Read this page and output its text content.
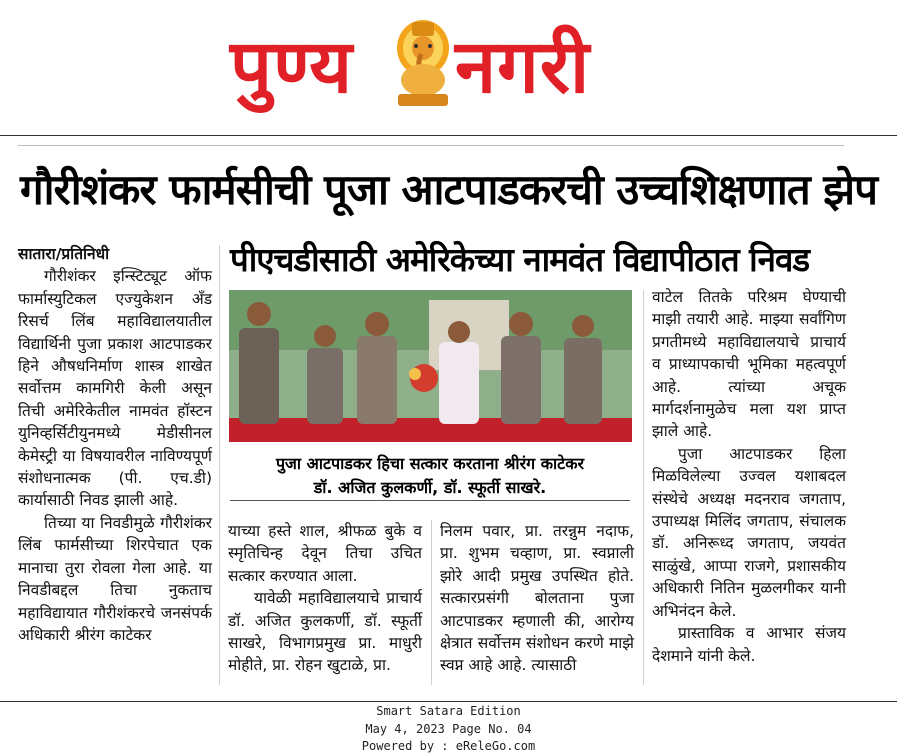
पुण्य नगरी
गौरीशंकर फार्मसीची पूजा आटपाडकरची उच्चशिक्षणात झेप
पीएचडीसाठी अमेरिकेच्या नामवंत विद्यापीठात निवड

सातारा/प्रतिनिधी

गौरीशंकर इन्स्टिट्यूट ऑफ फार्मास्युटिकल एज्युकेशन अँड रिसर्च लिंब महाविद्यालयातील विद्यार्थिनी पुजा प्रकाश आटपाडकर हिने औषधनिर्माण शास्त्र शाखेत सर्वोत्तम कामगिरी केली असून तिची अमेरिकेतील नामवंत हॉस्टन युनिव्हर्सिटीयुनमध्ये मेडीसीनल केमेस्ट्री या विषयावरील नाविण्यपूर्ण संशोधनात्मक (पी. एच.डी) कार्यासाठी निवड झाली आहे.

तिच्या या निवडीमुळे गौरीशंकर लिंब फार्मसीच्या शिरपेचात एक मानाचा तुरा रोवला गेला आहे. या निवडीबद्दल तिचा नुकताच महाविद्यायात गौरीशंकरचे जनसंपर्क अधिकारी श्रीरंग काटेकर

पुजा आटपाडकर हिचा सत्कार करताना श्रीरंग काटेकर
डॉ. अजित कुलकर्णी, डॉ. स्फूर्ती साखरे.

याच्या हस्ते शाल, श्रीफळ बुके व स्मृतिचिन्ह देवून तिचा उचित सत्कार करण्यात आला.

यावेळी महाविद्यालयाचे प्राचार्य डॉ. अजित कुलकर्णी, डॉ. स्फूर्ती साखरे, विभागप्रमुख प्रा. माधुरी मोहीते, प्रा. रोहन खुटाळे, प्रा.

निलम पवार, प्रा. तरन्नुम नदाफ, प्रा. शुभम चव्हाण, प्रा. स्वप्नाली झोरे आदी प्रमुख उपस्थित होते. सत्कारप्रसंगी बोलताना पुजा आटपाडकर म्हणाली की, आरोग्य क्षेत्रात सर्वोत्तम संशोधन करणे माझे स्वप्न आहे आहे. त्यासाठी

वाटेल तितके परिश्रम घेण्याची माझी तयारी आहे. माझ्या सर्वांगिण प्रगतीमध्ये महाविद्यालयाचे प्राचार्य व प्राध्यापकाची भूमिका महत्वपूर्ण आहे. त्यांच्या अचूक मार्गदर्शनामुळेच मला यश प्राप्त झाले आहे.

पुजा आटपाडकर हिला मिळविलेल्या उज्वल यशाबदल संस्थेचे अध्यक्ष मदनराव जगताप, उपाध्यक्ष मिलिंद जगताप, संचालक डॉ. अनिरूध्द जगताप, जयवंत साळुंखे, आप्पा राजगे, प्रशासकीय अधिकारी नितिन मुळलगीकर यानी अभिनंदन केले.

प्रास्ताविक व आभार संजय देशमाने यांनी केले.

Smart Satara Edition
May 4, 2023 Page No. 04
Powered by : eReleGo.com
